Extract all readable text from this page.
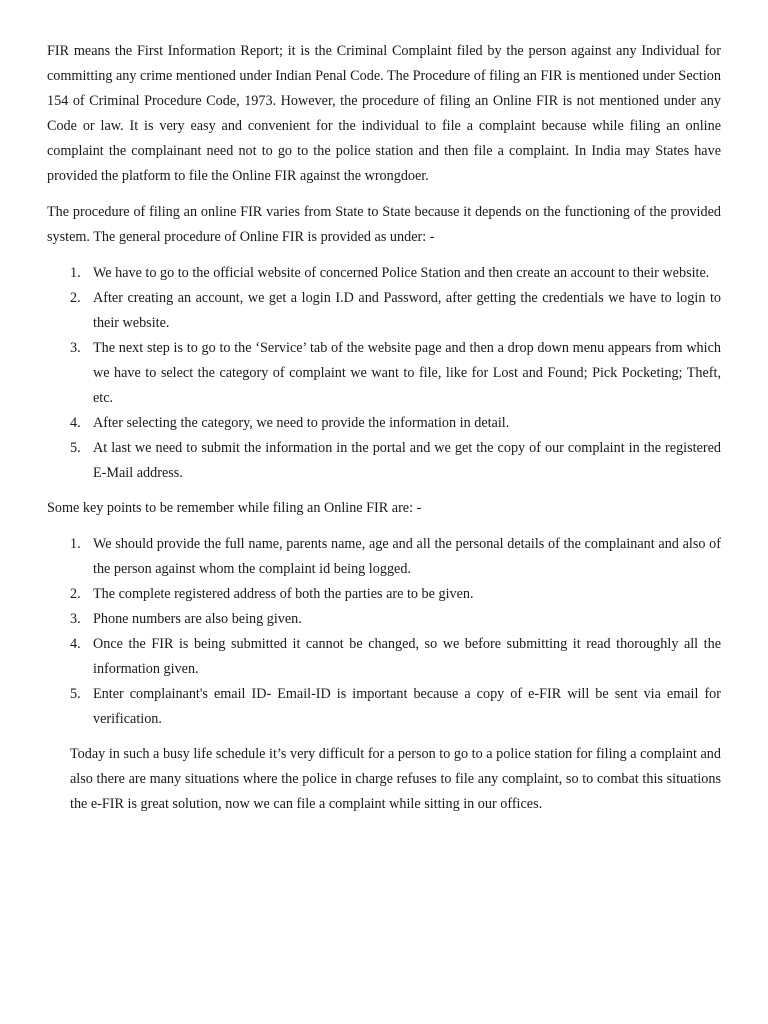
FIR means the First Information Report; it is the Criminal Complaint filed by the person against any Individual for committing any crime mentioned under Indian Penal Code. The Procedure of filing an FIR is mentioned under Section 154 of Criminal Procedure Code, 1973. However, the procedure of filing an Online FIR is not mentioned under any Code or law. It is very easy and convenient for the individual to file a complaint because while filing an online complaint the complainant need not to go to the police station and then file a complaint. In India may States have provided the platform to file the Online FIR against the wrongdoer.

The procedure of filing an online FIR varies from State to State because it depends on the functioning of the provided system. The general procedure of Online FIR is provided as under: -

1. We have to go to the official website of concerned Police Station and then create an account to their website.
2. After creating an account, we get a login I.D and Password, after getting the credentials we have to login to their website.
3. The next step is to go to the ‘Service’ tab of the website page and then a drop down menu appears from which we have to select the category of complaint we want to file, like for Lost and Found; Pick Pocketing; Theft, etc.
4. After selecting the category, we need to provide the information in detail.
5. At last we need to submit the information in the portal and we get the copy of our complaint in the registered E-Mail address.

Some key points to be remember while filing an Online FIR are: -

1. We should provide the full name, parents name, age and all the personal details of the complainant and also of the person against whom the complaint id being logged.
2. The complete registered address of both the parties are to be given.
3. Phone numbers are also being given.
4. Once the FIR is being submitted it cannot be changed, so we before submitting it read thoroughly all the information given.
5. Enter complainant's email ID- Email-ID is important because a copy of e-FIR will be sent via email for verification.

Today in such a busy life schedule it’s very difficult for a person to go to a police station for filing a complaint and also there are many situations where the police in charge refuses to file any complaint, so to combat this situations the e-FIR is great solution, now we can file a complaint while sitting in our offices.
